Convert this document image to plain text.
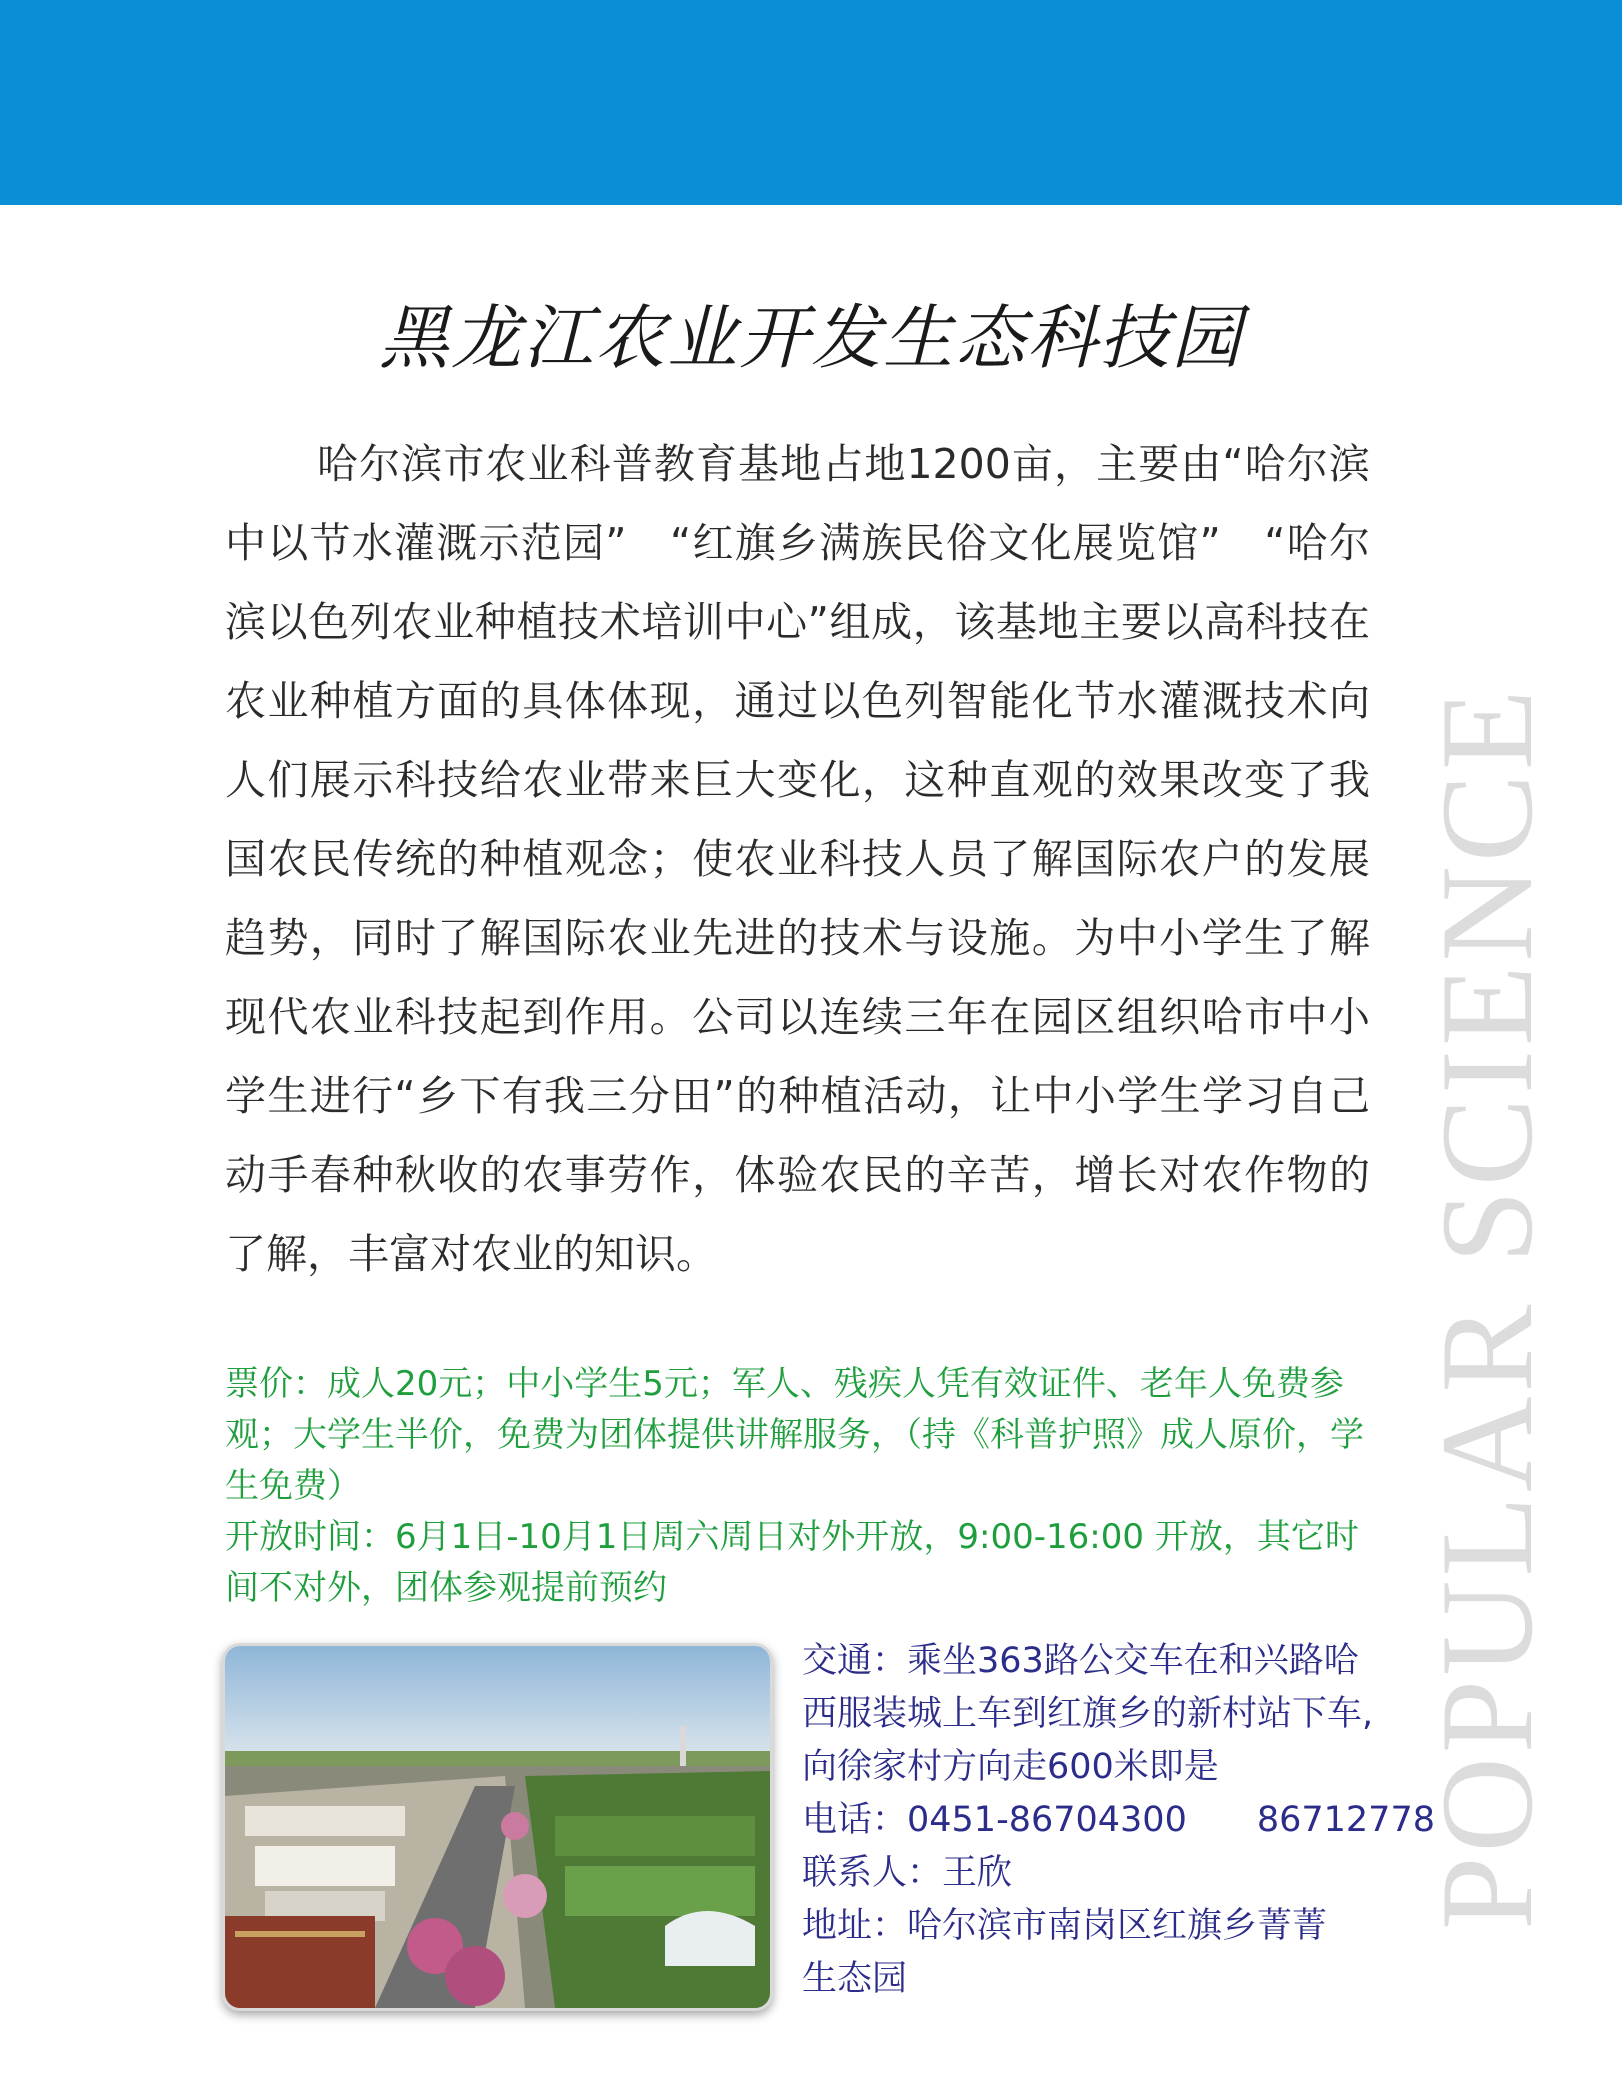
黑龙江农业开发生态科技园
哈尔滨市农业科普教育基地占地1200亩，主要由“哈尔滨中以节水灌溉示范园”　“红旗乡满族民俗文化展览馆”　“哈尔滨以色列农业种植技术培训中心”组成，该基地主要以高科技在农业种植方面的具体体现，通过以色列智能化节水灌溉技术向人们展示科技给农业带来巨大变化，这种直观的效果改变了我国农民传统的种植观念；使农业科技人员了解国际农户的发展趋势，同时了解国际农业先进的技术与设施。为中小学生了解现代农业科技起到作用。公司以连续三年在园区组织哈市中小学生进行“乡下有我三分田”的种植活动，让中小学生学习自己动手春种秋收的农事劳作，体验农民的辛苦，增长对农作物的了解，丰富对农业的知识。
票价：成人20元；中小学生5元；军人、残疾人凭有效证件、老年人免费参观；大学生半价，免费为团体提供讲解服务，（持《科普护照》成人原价，学生免费）
开放时间：6月1日-10月1日周六周日对外开放，9:00-16:00 开放，其它时间不对外，团体参观提前预约
交通：乘坐363路公交车在和兴路哈
西服装城上车到红旗乡的新村站下车,
向徐家村方向走600米即是
电话：0451-86704300　　86712778
联系人：王欣
地址：哈尔滨市南岗区红旗乡菁菁
生态园
POPULAR SCIENCE
